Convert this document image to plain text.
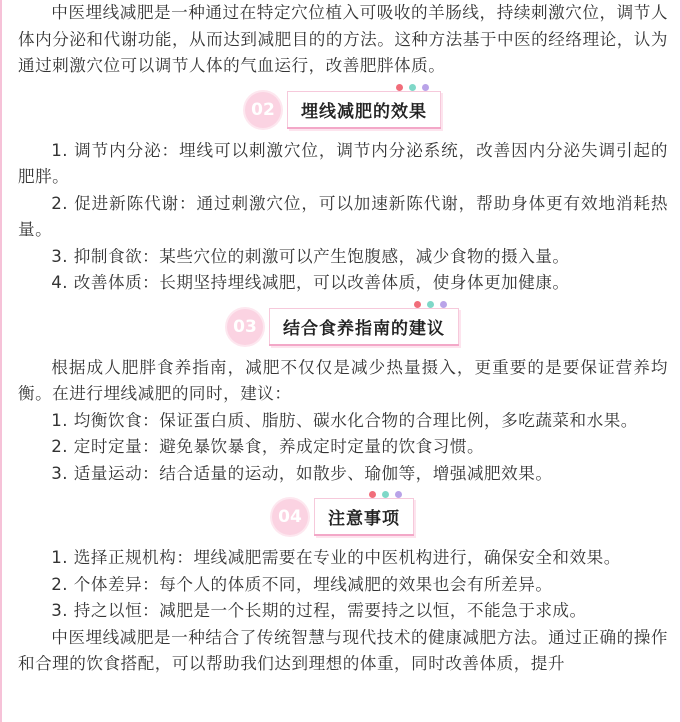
中医埋线减肥是一种通过在特定穴位植入可吸收的羊肠线，持续刺激穴位，调节人体内分泌和代谢功能，从而达到减肥目的的方法。这种方法基于中医的经络理论，认为通过刺激穴位可以调节人体的气血运行，改善肥胖体质。

02	埋线减肥的效果

1. 调节内分泌：埋线可以刺激穴位，调节内分泌系统，改善因内分泌失调引起的肥胖。

2. 促进新陈代谢：通过刺激穴位，可以加速新陈代谢，帮助身体更有效地消耗热量。

3. 抑制食欲：某些穴位的刺激可以产生饱腹感，减少食物的摄入量。

4. 改善体质：长期坚持埋线减肥，可以改善体质，使身体更加健康。

03	结合食养指南的建议

根据成人肥胖食养指南，减肥不仅仅是减少热量摄入，更重要的是要保证营养均衡。在进行埋线减肥的同时，建议：

1. 均衡饮食：保证蛋白质、脂肪、碳水化合物的合理比例，多吃蔬菜和水果。

2. 定时定量：避免暴饮暴食，养成定时定量的饮食习惯。

3. 适量运动：结合适量的运动，如散步、瑜伽等，增强减肥效果。

04	注意事项

1. 选择正规机构：埋线减肥需要在专业的中医机构进行，确保安全和效果。

2. 个体差异：每个人的体质不同，埋线减肥的效果也会有所差异。

3. 持之以恒：减肥是一个长期的过程，需要持之以恒，不能急于求成。

中医埋线减肥是一种结合了传统智慧与现代技术的健康减肥方法。通过正确的操作和合理的饮食搭配，可以帮助我们达到理想的体重，同时改善体质，提升
